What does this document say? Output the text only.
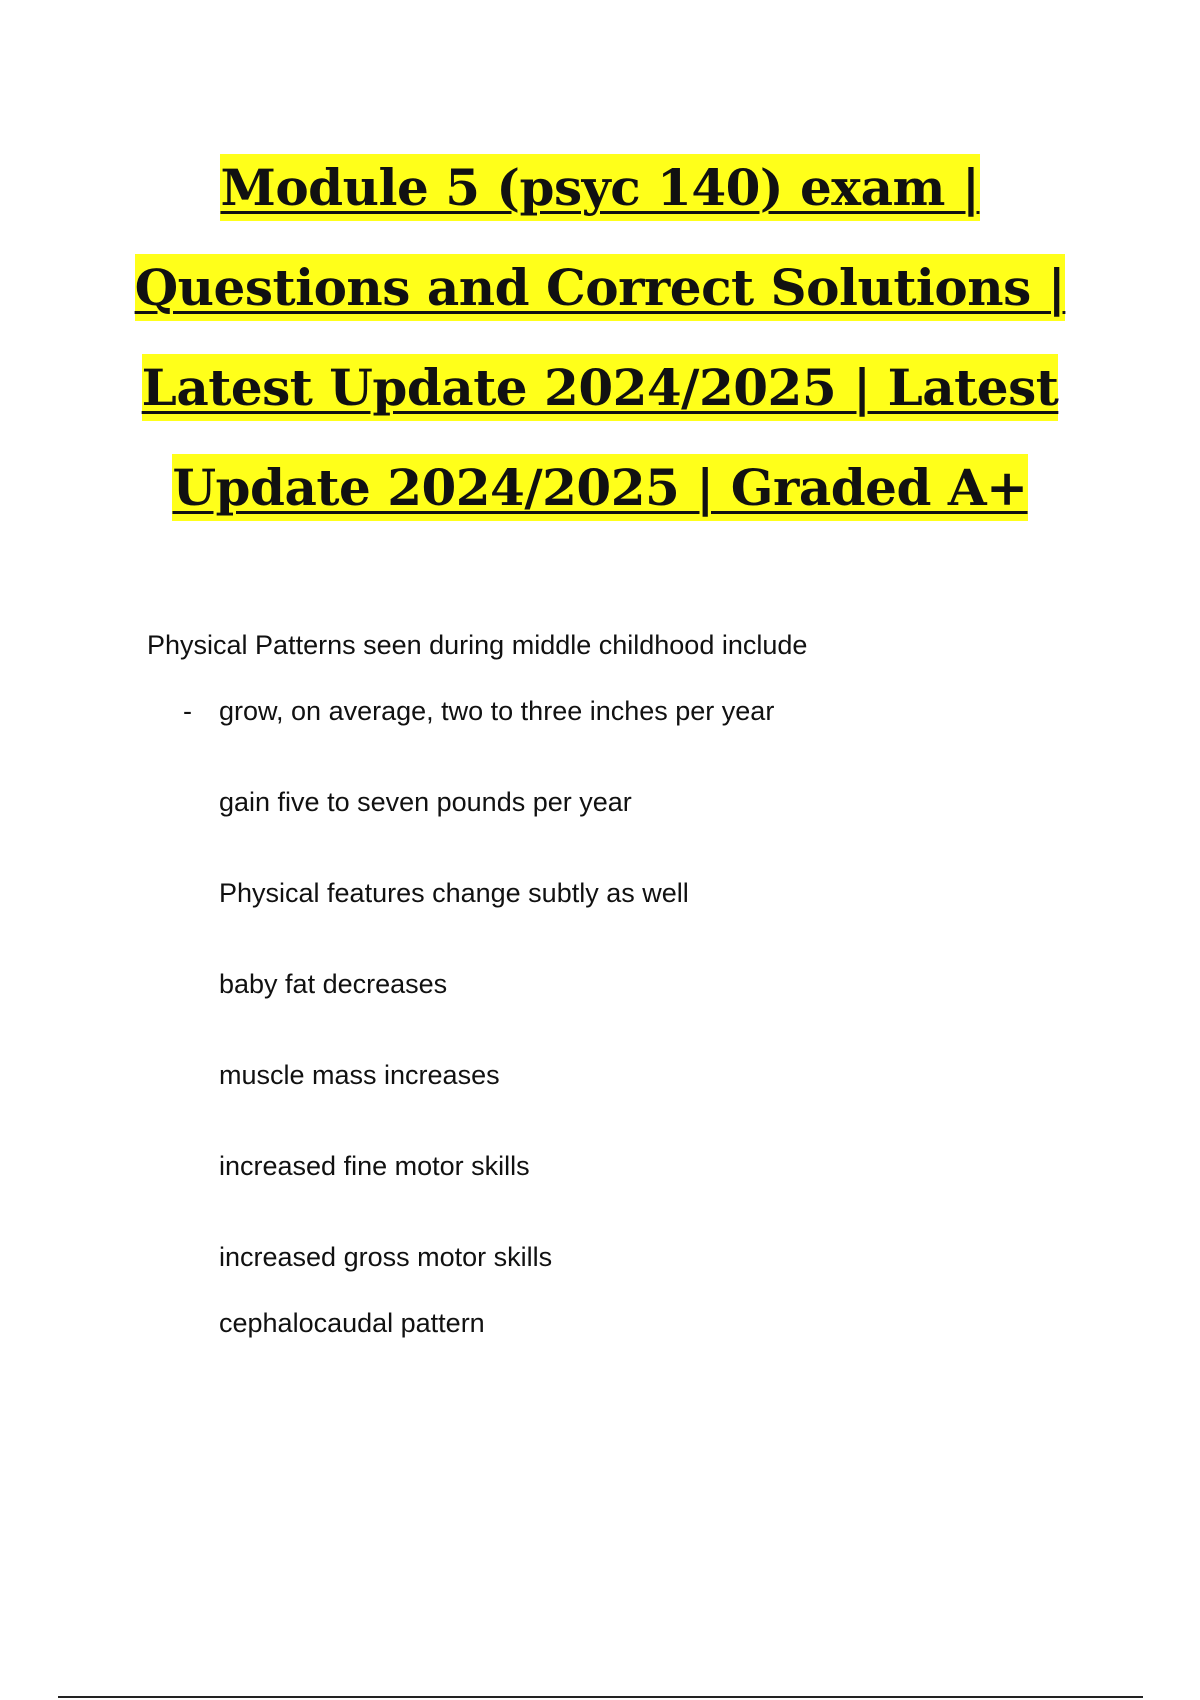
Module 5 (psyc 140) exam |
Questions and Correct Solutions |
Latest Update 2024/2025 | Latest
Update 2024/2025 | Graded A+
Physical Patterns seen during middle childhood include
- grow, on average, two to three inches per year
gain five to seven pounds per year
Physical features change subtly as well
baby fat decreases
muscle mass increases
increased fine motor skills
increased gross motor skills
cephalocaudal pattern
